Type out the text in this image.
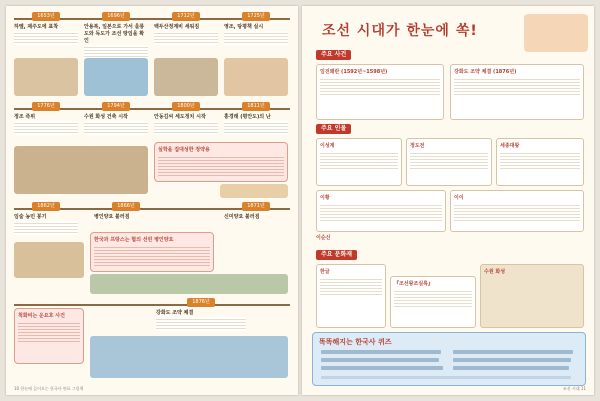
1653년
하멜, 제주도에 표착
1696년
안용복, 일본으로 가서 울릉도와 독도가 조선 땅임을 확인
1712년
백두산정계비 세워짐
1725년
영조, 탕평책 실시
1776년
정조 즉위
1794년
수원 화성 건축 시작
1800년
안동김씨 세도정치 시작
1811년
홍경래 (평안도)의 난
실학을 집대성한 정약용
1862년
임술 농민 봉기
1866년
병인양요 불러짐
1871년
신미양요 불러짐
한국과 프랑스는 협의 선린 병인양요
1876년
강화도 조약 체결
척화비는 운요호 사건
10 한눈에 들어오는 한국사 연표 그림책
조선 시대가 한눈에 쏙!
주요 사건
임진왜란 (1592년~1598년)	강화도 조약 체결 (1876년)
주요 인물
이성계	정도전	세종대왕
이황	이이
이순신
주요 문화재
한글
『조선왕조실록』
수원 화성
똑똑해지는 한국사 퀴즈
조선 시대 11
